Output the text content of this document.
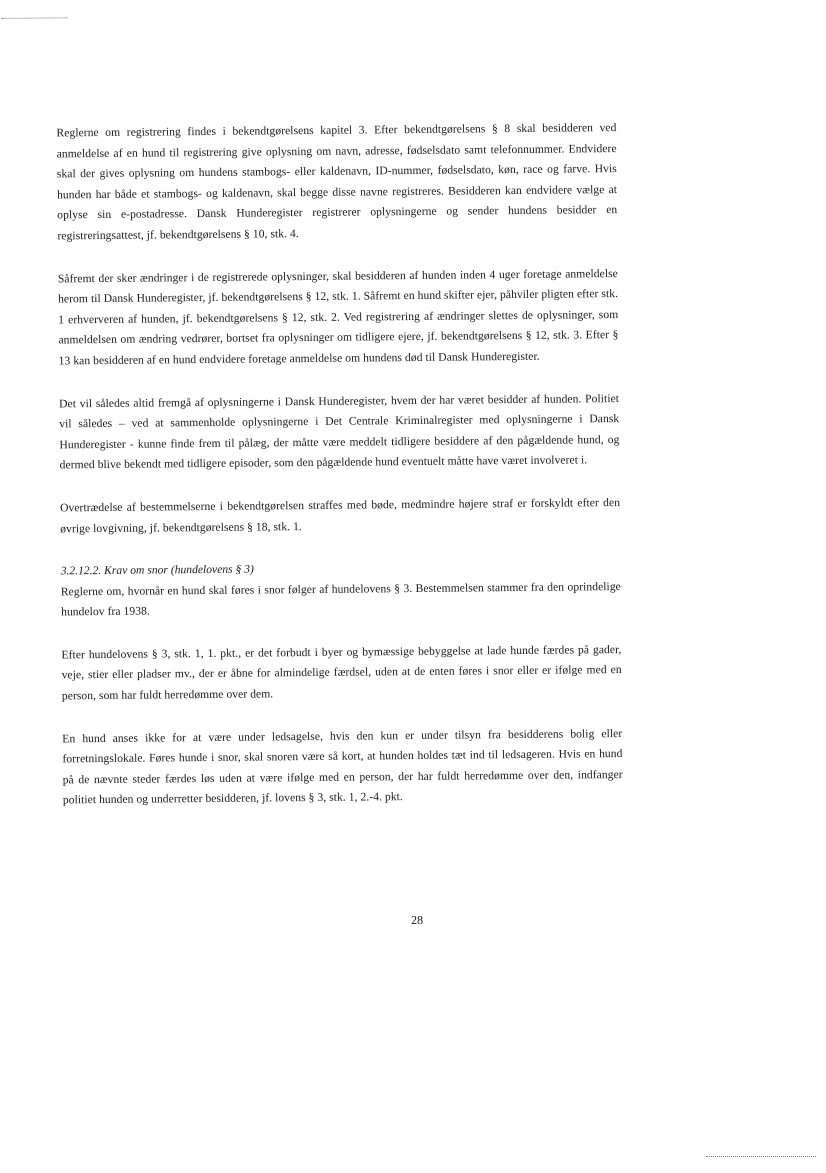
Reglerne om registrering findes i bekendtgørelsens kapitel 3. Efter bekendtgørelsens § 8 skal besidderen ved anmeldelse af en hund til registrering give oplysning om navn, adresse, fødselsdato samt telefonnummer. Endvidere skal der gives oplysning om hundens stambogs- eller kaldenavn, ID-nummer, fødselsdato, køn, race og farve. Hvis hunden har både et stambogs- og kaldenavn, skal begge disse navne registreres. Besidderen kan endvidere vælge at oplyse sin e-postadresse. Dansk Hunderegister registrerer oplysningerne og sender hundens besidder en registreringsattest, jf. bekendtgørelsens § 10, stk. 4.

Såfremt der sker ændringer i de registrerede oplysninger, skal besidderen af hunden inden 4 uger foretage anmeldelse herom til Dansk Hunderegister, jf. bekendtgørelsens § 12, stk. 1. Såfremt en hund skifter ejer, påhviler pligten efter stk. 1 erhververen af hunden, jf. bekendtgørelsens § 12, stk. 2. Ved registrering af ændringer slettes de oplysninger, som anmeldelsen om ændring vedrører, bortset fra oplysninger om tidligere ejere, jf. bekendtgørelsens § 12, stk. 3. Efter § 13 kan besidderen af en hund endvidere foretage anmeldelse om hundens død til Dansk Hunderegister.

Det vil således altid fremgå af oplysningerne i Dansk Hunderegister, hvem der har været besidder af hunden. Politiet vil således – ved at sammenholde oplysningerne i Det Centrale Kriminalregister med oplysningerne i Dansk Hunderegister - kunne finde frem til pålæg, der måtte være meddelt tidligere besiddere af den pågældende hund, og dermed blive bekendt med tidligere episoder, som den pågældende hund eventuelt måtte have været involveret i.

Overtrædelse af bestemmelserne i bekendtgørelsen straffes med bøde, medmindre højere straf er forskyldt efter den øvrige lovgivning, jf. bekendtgørelsens § 18, stk. 1.

3.2.12.2. Krav om snor (hundelovens § 3)

Reglerne om, hvornår en hund skal føres i snor følger af hundelovens § 3. Bestemmelsen stammer fra den oprindelige hundelov fra 1938.

Efter hundelovens § 3, stk. 1, 1. pkt., er det forbudt i byer og bymæssige bebyggelse at lade hunde færdes på gader, veje, stier eller pladser mv., der er åbne for almindelige færdsel, uden at de enten føres i snor eller er ifølge med en person, som har fuldt herredømme over dem.

En hund anses ikke for at være under ledsagelse, hvis den kun er under tilsyn fra besidderens bolig eller forretningslokale. Føres hunde i snor, skal snoren være så kort, at hunden holdes tæt ind til ledsageren. Hvis en hund på de nævnte steder færdes løs uden at være ifølge med en person, der har fuldt herredømme over den, indfanger politiet hunden og underretter besidderen, jf. lovens § 3, stk. 1, 2.-4. pkt.

28
